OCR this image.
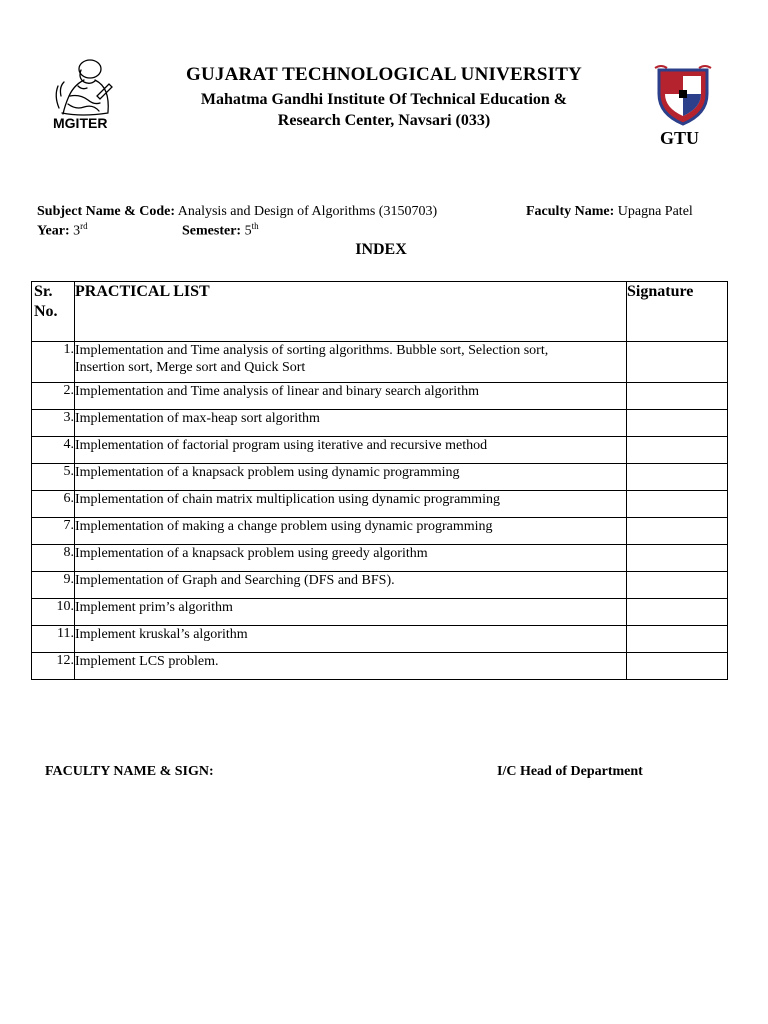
MGITER
GUJARAT TECHNOLOGICAL UNIVERSITY
Mahatma Gandhi Institute Of Technical Education &
Research Center, Navsari (033)
GTU
Subject Name & Code: Analysis and Design of Algorithms (3150703)	Faculty Name: Upagna Patel
Year: 3rd	Semester: 5th
INDEX
Sr.
No.	PRACTICAL LIST	Signature
1.	Implementation and Time analysis of sorting algorithms. Bubble sort, Selection sort,
Insertion sort, Merge sort and Quick Sort	
2.	Implementation and Time analysis of linear and binary search algorithm	
3.	Implementation of max-heap sort algorithm	
4.	Implementation of factorial program using iterative and recursive method	
5.	Implementation of a knapsack problem using dynamic programming	
6.	Implementation of chain matrix multiplication using dynamic programming	
7.	Implementation of making a change problem using dynamic programming	
8.	Implementation of a knapsack problem using greedy algorithm	
9.	Implementation of Graph and Searching (DFS and BFS).	
10.	Implement prim’s algorithm	
11.	Implement kruskal’s algorithm	
12.	Implement LCS problem.	
FACULTY NAME & SIGN:	I/C Head of Department
